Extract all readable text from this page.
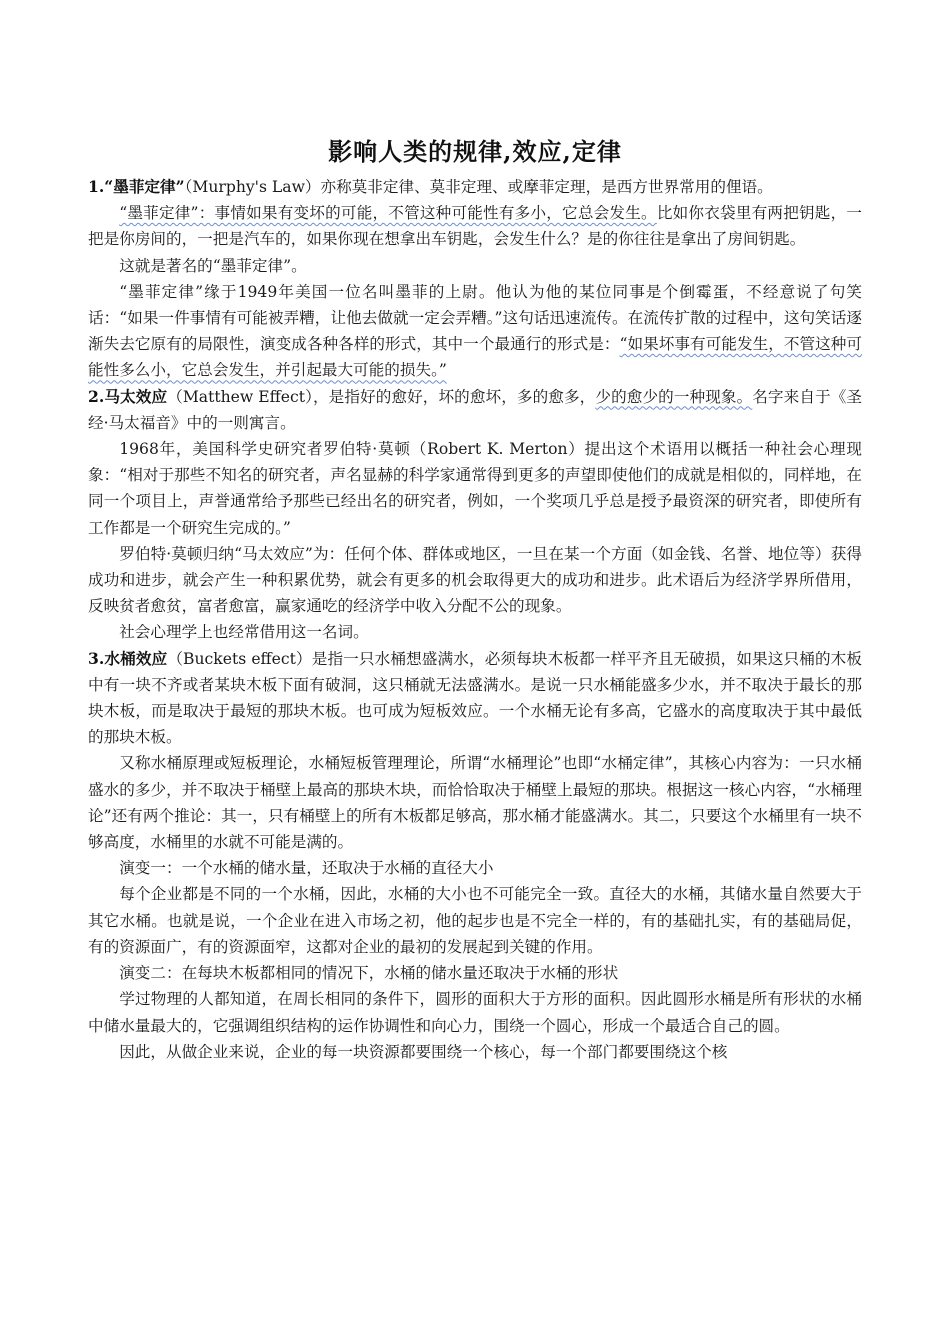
影响人类的规律,效应,定律

1.“墨菲定律”（Murphy's Law）亦称莫非定律、莫非定理、或摩菲定理，是西方世界常用的俚语。

“墨菲定律”：事情如果有变坏的可能，不管这种可能性有多小，它总会发生。比如你衣袋里有两把钥匙，一把是你房间的，一把是汽车的，如果你现在想拿出车钥匙，会发生什么？是的你往往是拿出了房间钥匙。

这就是著名的“墨菲定律”。

“墨菲定律”缘于1949年美国一位名叫墨菲的上尉。他认为他的某位同事是个倒霉蛋，不经意说了句笑话：“如果一件事情有可能被弄糟，让他去做就一定会弄糟。”这句话迅速流传。在流传扩散的过程中，这句笑话逐渐失去它原有的局限性，演变成各种各样的形式，其中一个最通行的形式是：“如果坏事有可能发生，不管这种可能性多么小，它总会发生，并引起最大可能的损失。”

2.马太效应（Matthew Effect），是指好的愈好，坏的愈坏，多的愈多，少的愈少的一种现象。名字来自于《圣经·马太福音》中的一则寓言。

1968年，美国科学史研究者罗伯特·莫顿（Robert K. Merton）提出这个术语用以概括一种社会心理现象：“相对于那些不知名的研究者，声名显赫的科学家通常得到更多的声望即使他们的成就是相似的，同样地，在同一个项目上，声誉通常给予那些已经出名的研究者，例如，一个奖项几乎总是授予最资深的研究者，即使所有工作都是一个研究生完成的。”

罗伯特·莫顿归纳“马太效应”为：任何个体、群体或地区，一旦在某一个方面（如金钱、名誉、地位等）获得成功和进步，就会产生一种积累优势，就会有更多的机会取得更大的成功和进步。此术语后为经济学界所借用，反映贫者愈贫，富者愈富，赢家通吃的经济学中收入分配不公的现象。

社会心理学上也经常借用这一名词。

3.水桶效应（Buckets effect）是指一只水桶想盛满水，必须每块木板都一样平齐且无破损，如果这只桶的木板中有一块不齐或者某块木板下面有破洞，这只桶就无法盛满水。是说一只水桶能盛多少水，并不取决于最长的那块木板，而是取决于最短的那块木板。也可成为短板效应。一个水桶无论有多高，它盛水的高度取决于其中最低的那块木板。

又称水桶原理或短板理论，水桶短板管理理论，所谓“水桶理论”也即“水桶定律”，其核心内容为：一只水桶盛水的多少，并不取决于桶壁上最高的那块木块，而恰恰取决于桶壁上最短的那块。根据这一核心内容，“水桶理论”还有两个推论：其一，只有桶壁上的所有木板都足够高，那水桶才能盛满水。其二，只要这个水桶里有一块不够高度，水桶里的水就不可能是满的。

演变一：一个水桶的储水量，还取决于水桶的直径大小

每个企业都是不同的一个水桶，因此，水桶的大小也不可能完全一致。直径大的水桶，其储水量自然要大于其它水桶。也就是说，一个企业在进入市场之初，他的起步也是不完全一样的，有的基础扎实，有的基础局促，有的资源面广，有的资源面窄，这都对企业的最初的发展起到关键的作用。

演变二：在每块木板都相同的情况下，水桶的储水量还取决于水桶的形状

学过物理的人都知道，在周长相同的条件下，圆形的面积大于方形的面积。因此圆形水桶是所有形状的水桶中储水量最大的，它强调组织结构的运作协调性和向心力，围绕一个圆心，形成一个最适合自己的圆。

因此，从做企业来说，企业的每一块资源都要围绕一个核心，每一个部门都要围绕这个核
